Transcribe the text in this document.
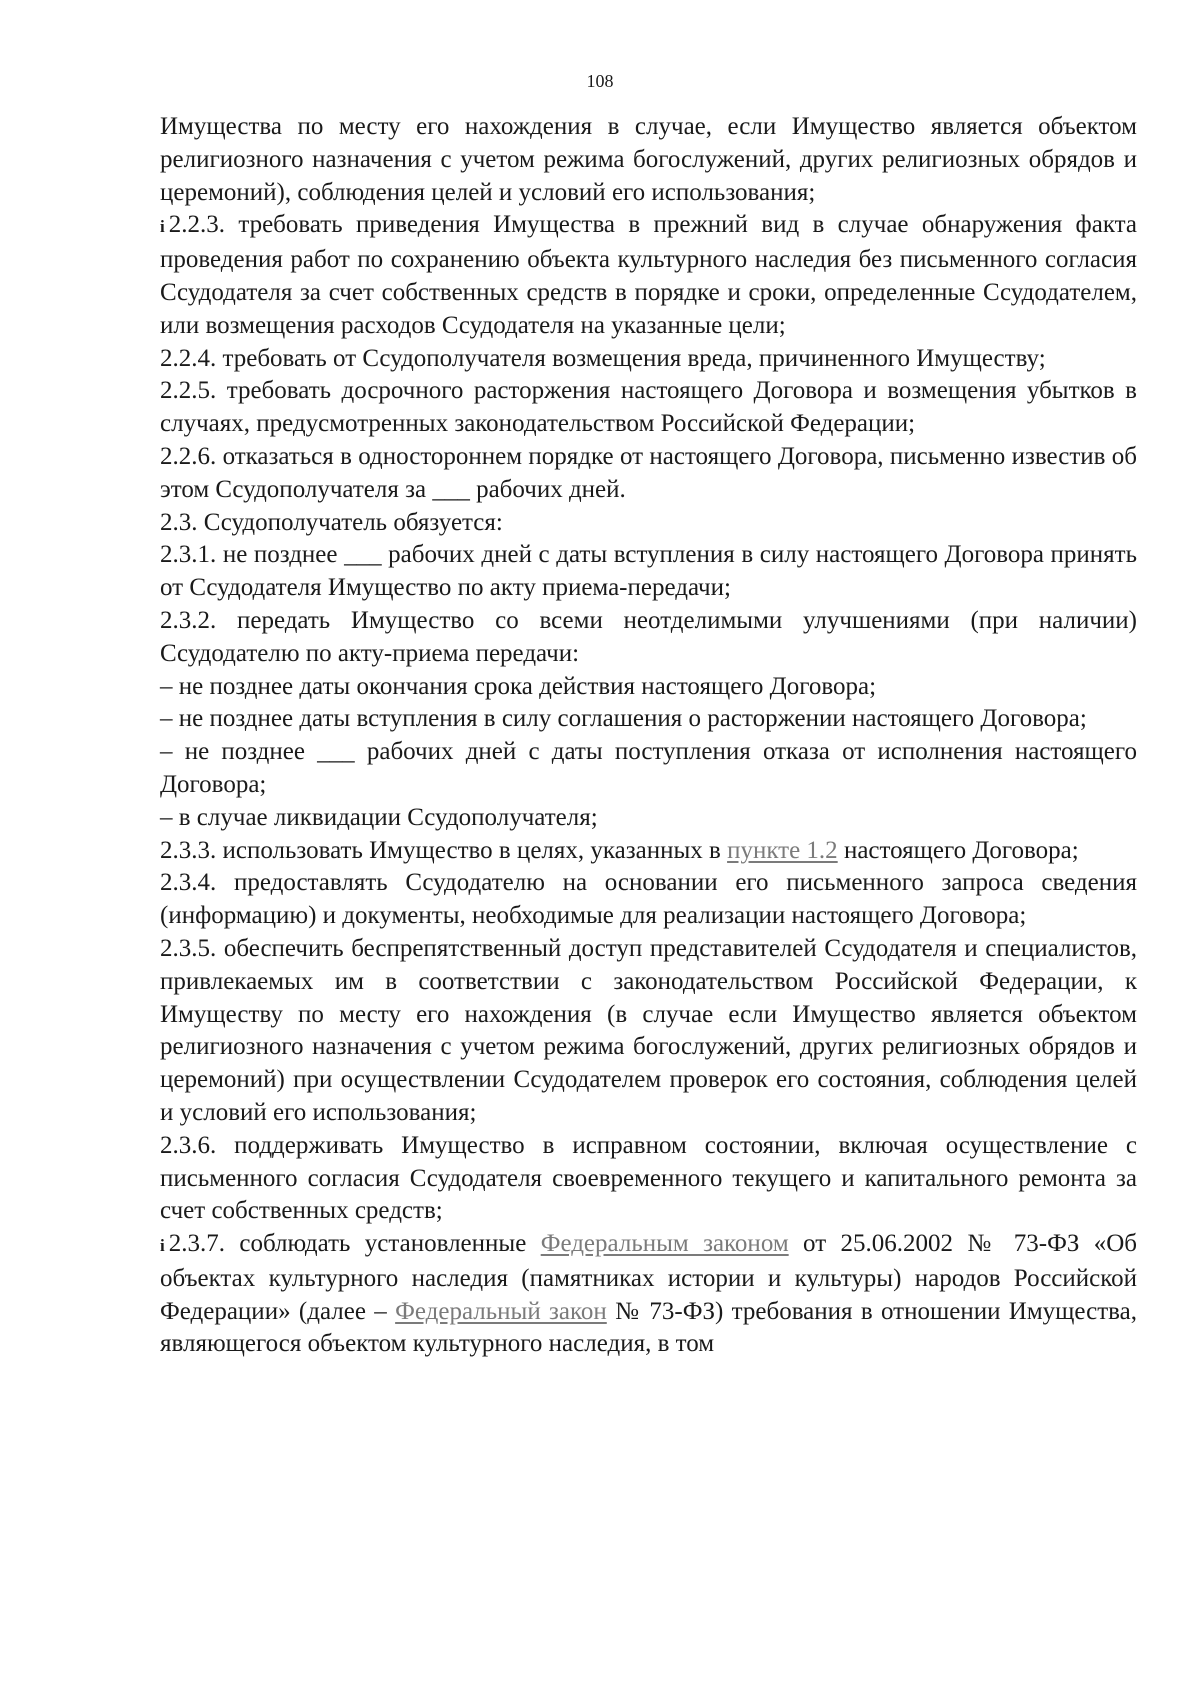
108

Имущества по месту его нахождения в случае, если Имущество является объектом религиозного назначения с учетом режима богослужений, других религиозных обрядов и церемоний), соблюдения целей и условий его использования;

i 2.2.3. требовать приведения Имущества в прежний вид в случае обнаружения факта проведения работ по сохранению объекта культурного наследия без письменного согласия Ссудодателя за счет собственных средств в порядке и сроки, определенные Ссудодателем, или возмещения расходов Ссудодателя на указанные цели;

2.2.4. требовать от Ссудополучателя возмещения вреда, причиненного Имуществу;

2.2.5. требовать досрочного расторжения настоящего Договора и возмещения убытков в случаях, предусмотренных законодательством Российской Федерации;

2.2.6. отказаться в одностороннем порядке от настоящего Договора, письменно известив об этом Ссудополучателя за ___ рабочих дней.

2.3. Ссудополучатель обязуется:

2.3.1. не позднее ___ рабочих дней с даты вступления в силу настоящего Договора принять от Ссудодателя Имущество по акту приема-передачи;

2.3.2. передать Имущество со всеми неотделимыми улучшениями (при наличии) Ссудодателю по акту-приема передачи:

– не позднее даты окончания срока действия настоящего Договора;

– не позднее даты вступления в силу соглашения о расторжении настоящего Договора;

– не позднее ___ рабочих дней с даты поступления отказа от исполнения настоящего Договора;

– в случае ликвидации Ссудополучателя;

2.3.3. использовать Имущество в целях, указанных в пункте 1.2 настоящего Договора;

2.3.4. предоставлять Ссудодателю на основании его письменного запроса сведения (информацию) и документы, необходимые для реализации настоящего Договора;

2.3.5. обеспечить беспрепятственный доступ представителей Ссудодателя и специалистов, привлекаемых им в соответствии с законодательством Российской Федерации, к Имуществу по месту его нахождения (в случае если Имущество является объектом религиозного назначения с учетом режима богослужений, других религиозных обрядов и церемоний) при осуществлении Ссудодателем проверок его состояния, соблюдения целей и условий его использования;

2.3.6. поддерживать Имущество в исправном состоянии, включая осуществление с письменного согласия Ссудодателя своевременного текущего и капитального ремонта за счет собственных средств;

i 2.3.7. соблюдать установленные Федеральным законом от 25.06.2002 № 73-ФЗ «Об объектах культурного наследия (памятниках истории и культуры) народов Российской Федерации» (далее – Федеральный закон № 73-ФЗ) требования в отношении Имущества, являющегося объектом культурного наследия, в том
